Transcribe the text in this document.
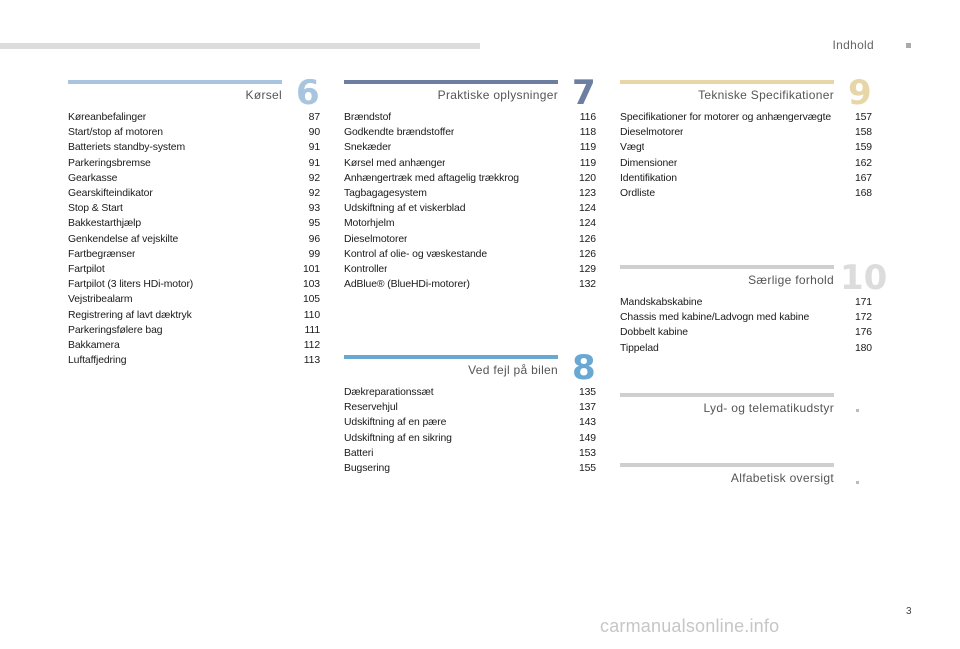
Indhold
Kørsel 6
Køreanbefalinger	87
Start/stop af motoren	90
Batteriets standby-system	91
Parkeringsbremse	91
Gearkasse	92
Gearskifteindikator	92
Stop & Start	93
Bakkestarthjælp	95
Genkendelse af vejskilte	96
Fartbegrænser	99
Fartpilot	101
Fartpilot (3 liters HDi-motor)	103
Vejstribealarm	105
Registrering af lavt dæktryk	110
Parkeringsfølere bag	111
Bakkamera	112
Luftaffjedring	113
Praktiske oplysninger 7
Brændstof	116
Godkendte brændstoffer	118
Snekæder	119
Kørsel med anhænger	119
Anhængertræk med aftagelig trækkrog	120
Tagbagagesystem	123
Udskiftning af et viskerblad	124
Motorhjelm	124
Dieselmotorer	126
Kontrol af olie- og væskestande	126
Kontroller	129
AdBlue® (BlueHDi-motorer)	132
Ved fejl på bilen 8
Dækreparationssæt	135
Reservehjul	137
Udskiftning af en pære	143
Udskiftning af en sikring	149
Batteri	153
Bugsering	155
Tekniske Specifikationer 9
Specifikationer for motorer og anhængervægte	157
Dieselmotorer	158
Vægt	159
Dimensioner	162
Identifikation	167
Ordliste	168
Særlige forhold 10
Mandskabskabine	171
Chassis med kabine/Ladvogn med kabine	172
Dobbelt kabine	176
Tippelad	180
Lyd- og telematikudstyr
Alfabetisk oversigt
3
carmanualsonline.info
